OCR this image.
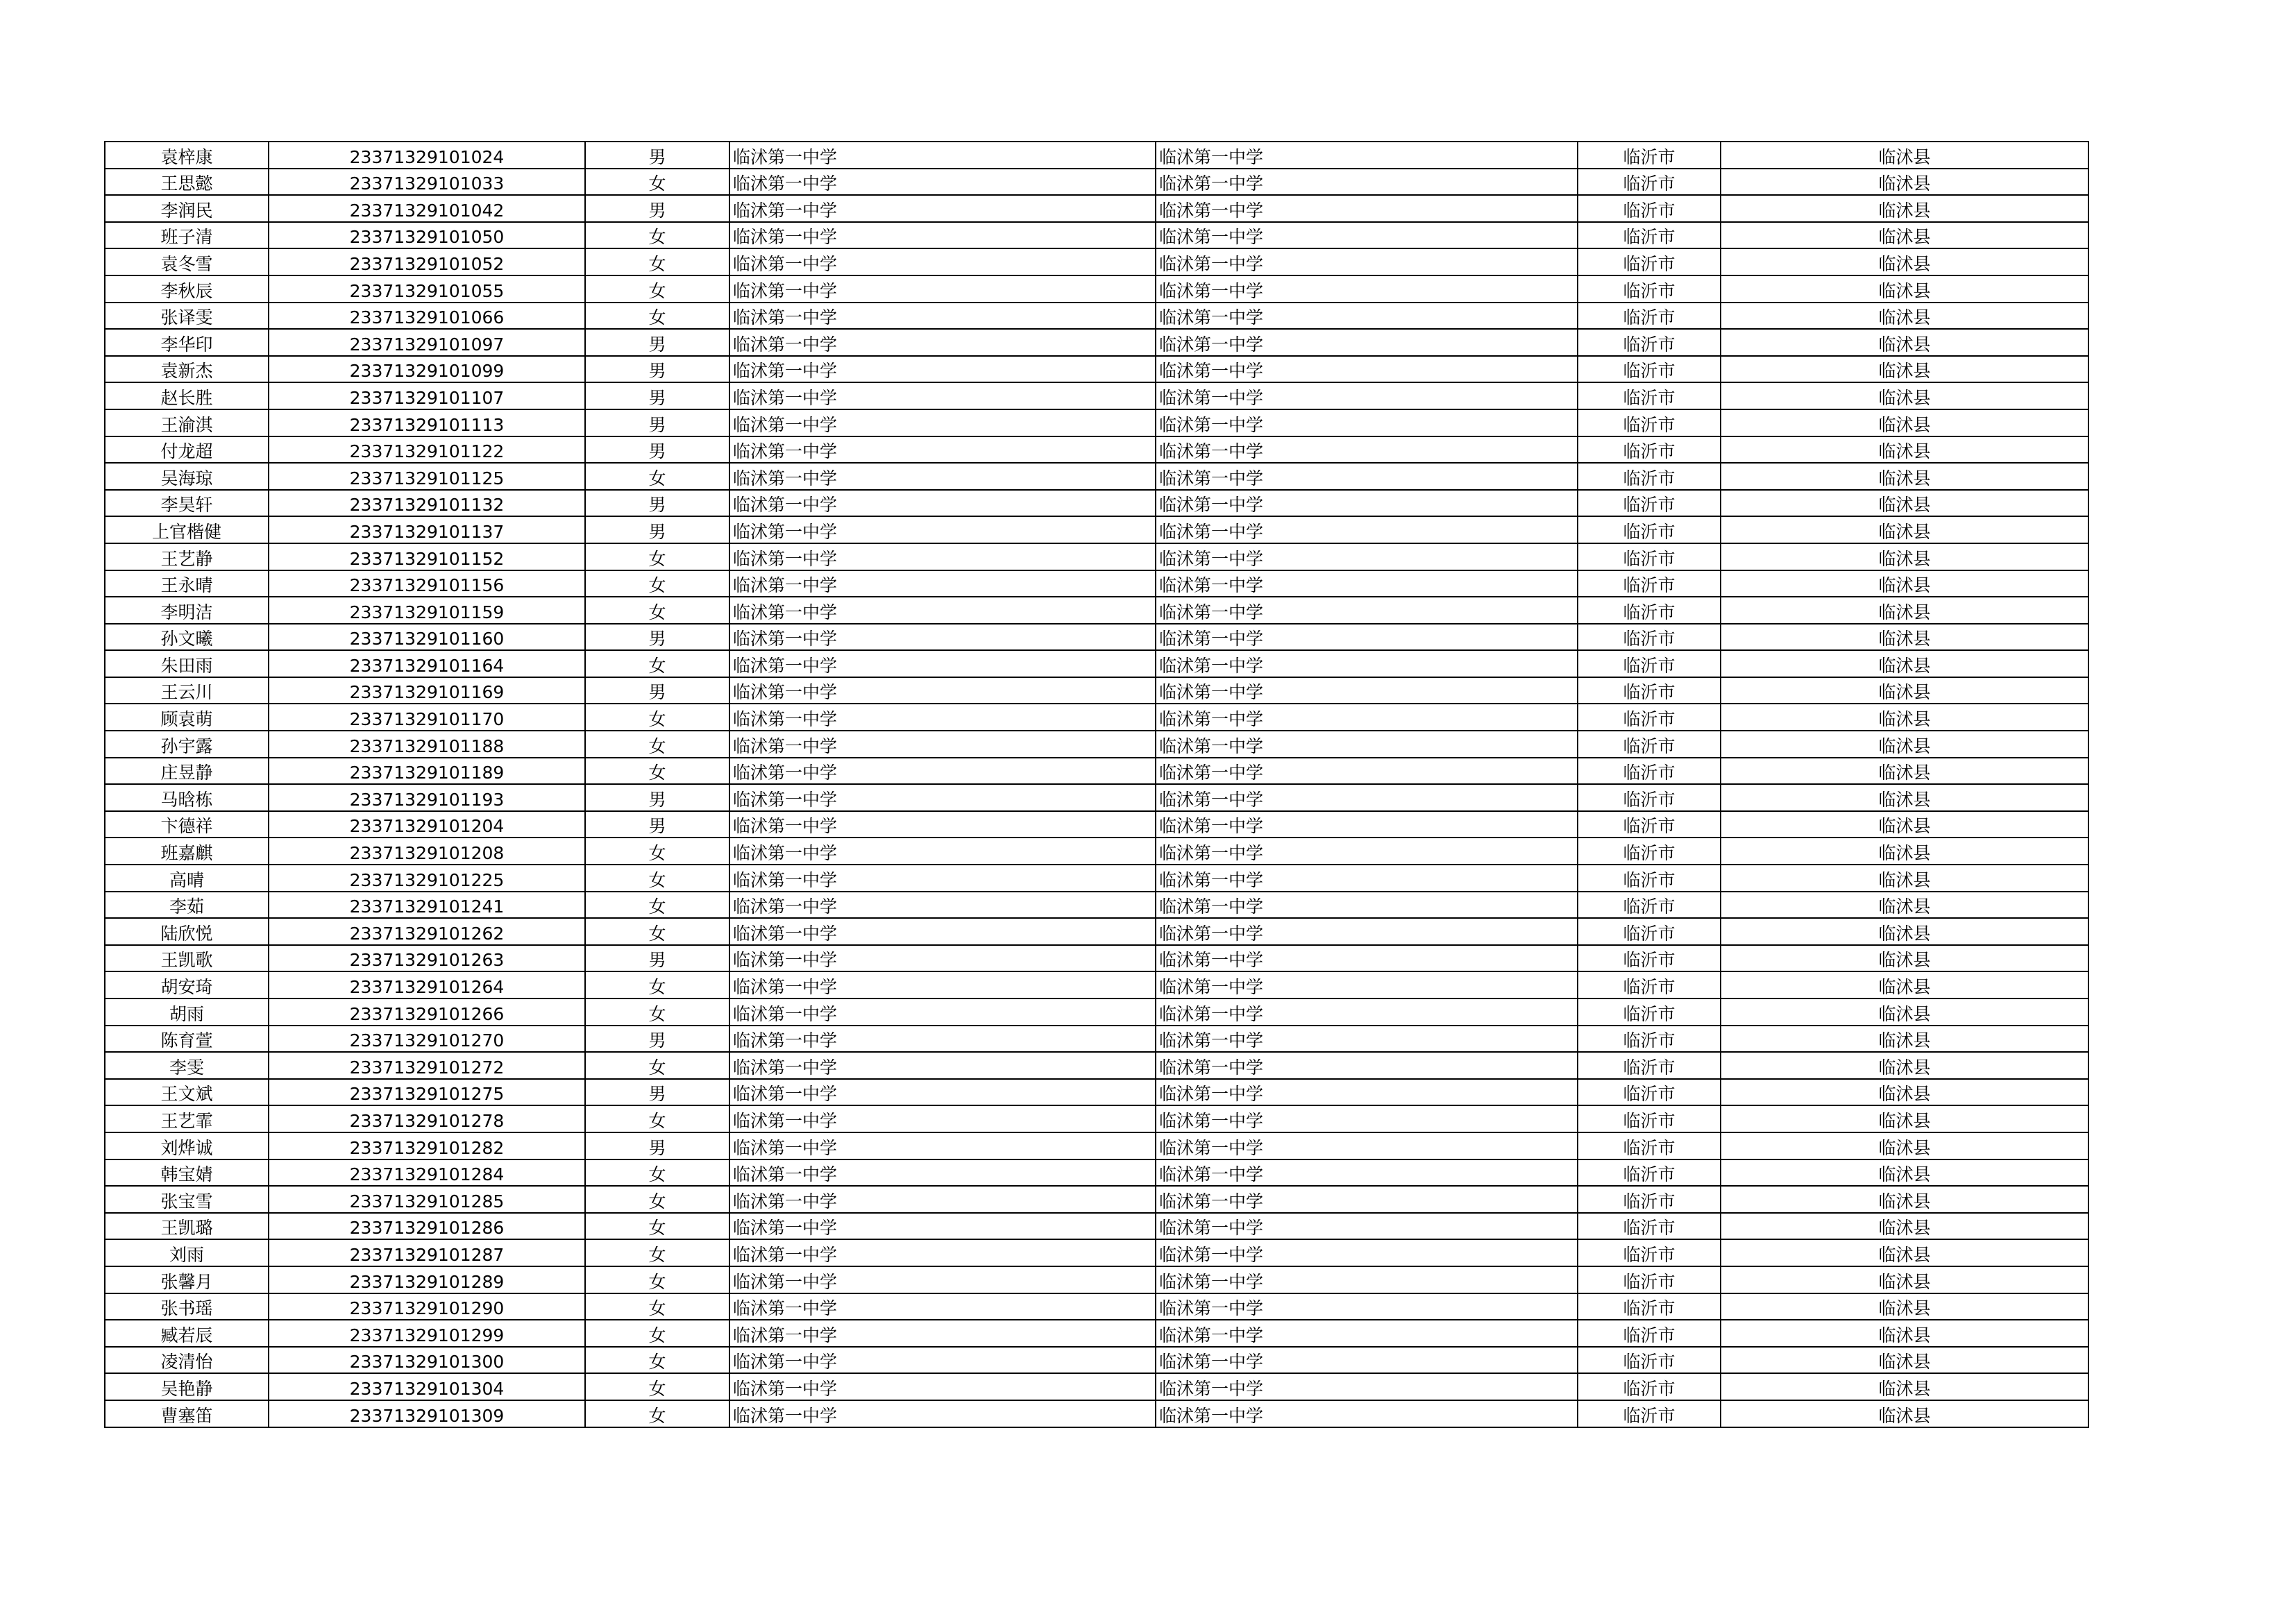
袁梓康	23371329101024	男	临沭第一中学	临沭第一中学	临沂市	临沭县
王思懿	23371329101033	女	临沭第一中学	临沭第一中学	临沂市	临沭县
李润民	23371329101042	男	临沭第一中学	临沭第一中学	临沂市	临沭县
班子清	23371329101050	女	临沭第一中学	临沭第一中学	临沂市	临沭县
袁冬雪	23371329101052	女	临沭第一中学	临沭第一中学	临沂市	临沭县
李秋辰	23371329101055	女	临沭第一中学	临沭第一中学	临沂市	临沭县
张译雯	23371329101066	女	临沭第一中学	临沭第一中学	临沂市	临沭县
李华印	23371329101097	男	临沭第一中学	临沭第一中学	临沂市	临沭县
袁新杰	23371329101099	男	临沭第一中学	临沭第一中学	临沂市	临沭县
赵长胜	23371329101107	男	临沭第一中学	临沭第一中学	临沂市	临沭县
王渝淇	23371329101113	男	临沭第一中学	临沭第一中学	临沂市	临沭县
付龙超	23371329101122	男	临沭第一中学	临沭第一中学	临沂市	临沭县
吴海琼	23371329101125	女	临沭第一中学	临沭第一中学	临沂市	临沭县
李昊轩	23371329101132	男	临沭第一中学	临沭第一中学	临沂市	临沭县
上官楷健	23371329101137	男	临沭第一中学	临沭第一中学	临沂市	临沭县
王艺静	23371329101152	女	临沭第一中学	临沭第一中学	临沂市	临沭县
王永晴	23371329101156	女	临沭第一中学	临沭第一中学	临沂市	临沭县
李明洁	23371329101159	女	临沭第一中学	临沭第一中学	临沂市	临沭县
孙文曦	23371329101160	男	临沭第一中学	临沭第一中学	临沂市	临沭县
朱田雨	23371329101164	女	临沭第一中学	临沭第一中学	临沂市	临沭县
王云川	23371329101169	男	临沭第一中学	临沭第一中学	临沂市	临沭县
顾袁萌	23371329101170	女	临沭第一中学	临沭第一中学	临沂市	临沭县
孙宇露	23371329101188	女	临沭第一中学	临沭第一中学	临沂市	临沭县
庄昱静	23371329101189	女	临沭第一中学	临沭第一中学	临沂市	临沭县
马晗栋	23371329101193	男	临沭第一中学	临沭第一中学	临沂市	临沭县
卞德祥	23371329101204	男	临沭第一中学	临沭第一中学	临沂市	临沭县
班嘉麒	23371329101208	女	临沭第一中学	临沭第一中学	临沂市	临沭县
高晴	23371329101225	女	临沭第一中学	临沭第一中学	临沂市	临沭县
李茹	23371329101241	女	临沭第一中学	临沭第一中学	临沂市	临沭县
陆欣悦	23371329101262	女	临沭第一中学	临沭第一中学	临沂市	临沭县
王凯歌	23371329101263	男	临沭第一中学	临沭第一中学	临沂市	临沭县
胡安琦	23371329101264	女	临沭第一中学	临沭第一中学	临沂市	临沭县
胡雨	23371329101266	女	临沭第一中学	临沭第一中学	临沂市	临沭县
陈育萱	23371329101270	男	临沭第一中学	临沭第一中学	临沂市	临沭县
李雯	23371329101272	女	临沭第一中学	临沭第一中学	临沂市	临沭县
王文斌	23371329101275	男	临沭第一中学	临沭第一中学	临沂市	临沭县
王艺霏	23371329101278	女	临沭第一中学	临沭第一中学	临沂市	临沭县
刘烨诚	23371329101282	男	临沭第一中学	临沭第一中学	临沂市	临沭县
韩宝婧	23371329101284	女	临沭第一中学	临沭第一中学	临沂市	临沭县
张宝雪	23371329101285	女	临沭第一中学	临沭第一中学	临沂市	临沭县
王凯璐	23371329101286	女	临沭第一中学	临沭第一中学	临沂市	临沭县
刘雨	23371329101287	女	临沭第一中学	临沭第一中学	临沂市	临沭县
张馨月	23371329101289	女	临沭第一中学	临沭第一中学	临沂市	临沭县
张书瑶	23371329101290	女	临沭第一中学	临沭第一中学	临沂市	临沭县
臧若辰	23371329101299	女	临沭第一中学	临沭第一中学	临沂市	临沭县
凌清怡	23371329101300	女	临沭第一中学	临沭第一中学	临沂市	临沭县
吴艳静	23371329101304	女	临沭第一中学	临沭第一中学	临沂市	临沭县
曹塞笛	23371329101309	女	临沭第一中学	临沭第一中学	临沂市	临沭县
